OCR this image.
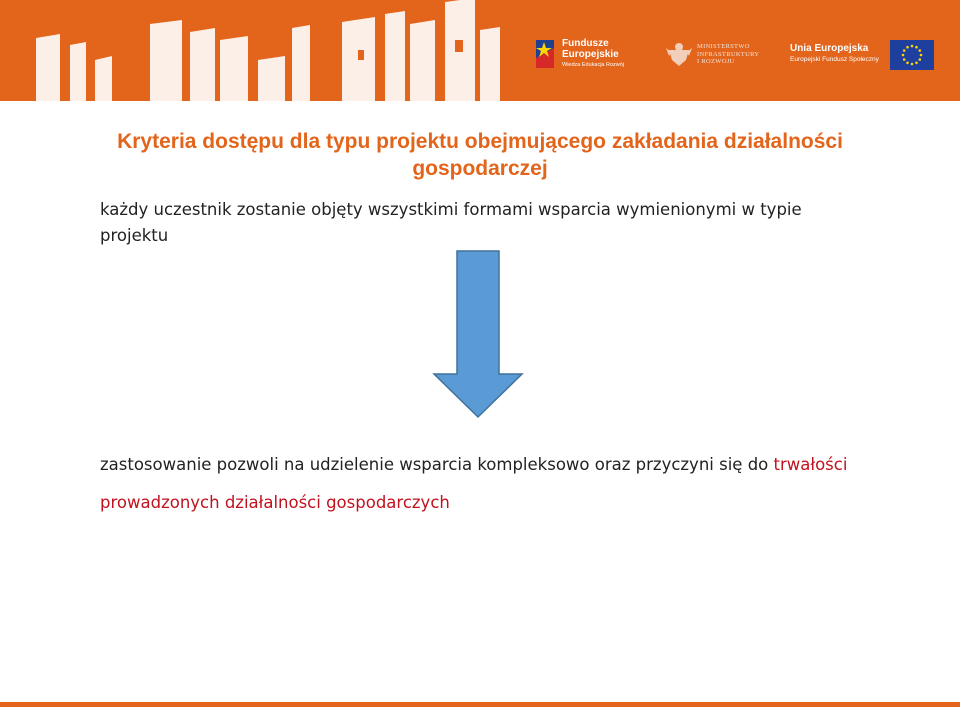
Fundusze
Europejskie
Wiedza Edukacja Rozwój
MINISTERSTWO
INFRASTRUKTURY
I ROZWOJU
Unia Europejska
Europejski Fundusz Społeczny
Kryteria dostępu dla typu projektu obejmującego zakładania działalności gospodarczej
każdy uczestnik zostanie objęty wszystkimi formami wsparcia wymienionymi w typie projektu
zastosowanie pozwoli na udzielenie wsparcia kompleksowo oraz przyczyni się do trwałości prowadzonych działalności gospodarczych
